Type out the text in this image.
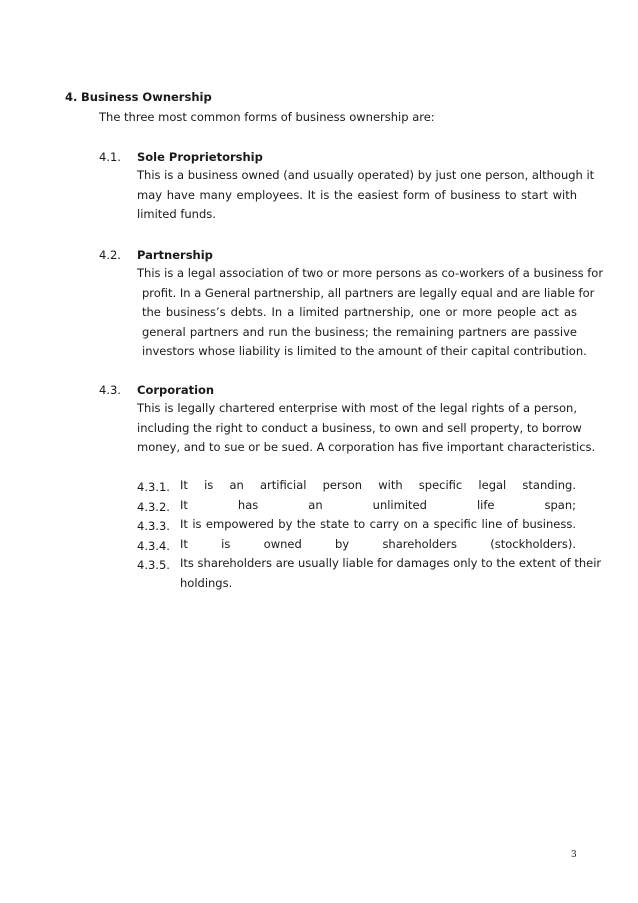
4. Business Ownership
The three most common forms of business ownership are:
4.1. Sole Proprietorship
This is a business owned (and usually operated) by just one person, although it
may have many employees. It is the easiest form of business to start with
limited funds.
4.2. Partnership
This is a legal association of two or more persons as co-workers of a business for
profit. In a General partnership, all partners are legally equal and are liable for
the business’s debts. In a limited partnership, one or more people act as
general partners and run the business; the remaining partners are passive
investors whose liability is limited to the amount of their capital contribution.
4.3. Corporation
This is legally chartered enterprise with most of the legal rights of a person,
including the right to conduct a business, to own and sell property, to borrow
money, and to sue or be sued. A corporation has five important characteristics.
4.3.1. It is an artificial person with specific legal standing.
4.3.2. It has an unlimited life span;
4.3.3. It is empowered by the state to carry on a specific line of business.
4.3.4. It is owned by shareholders (stockholders).
4.3.5. Its shareholders are usually liable for damages only to the extent of their
holdings.
3
